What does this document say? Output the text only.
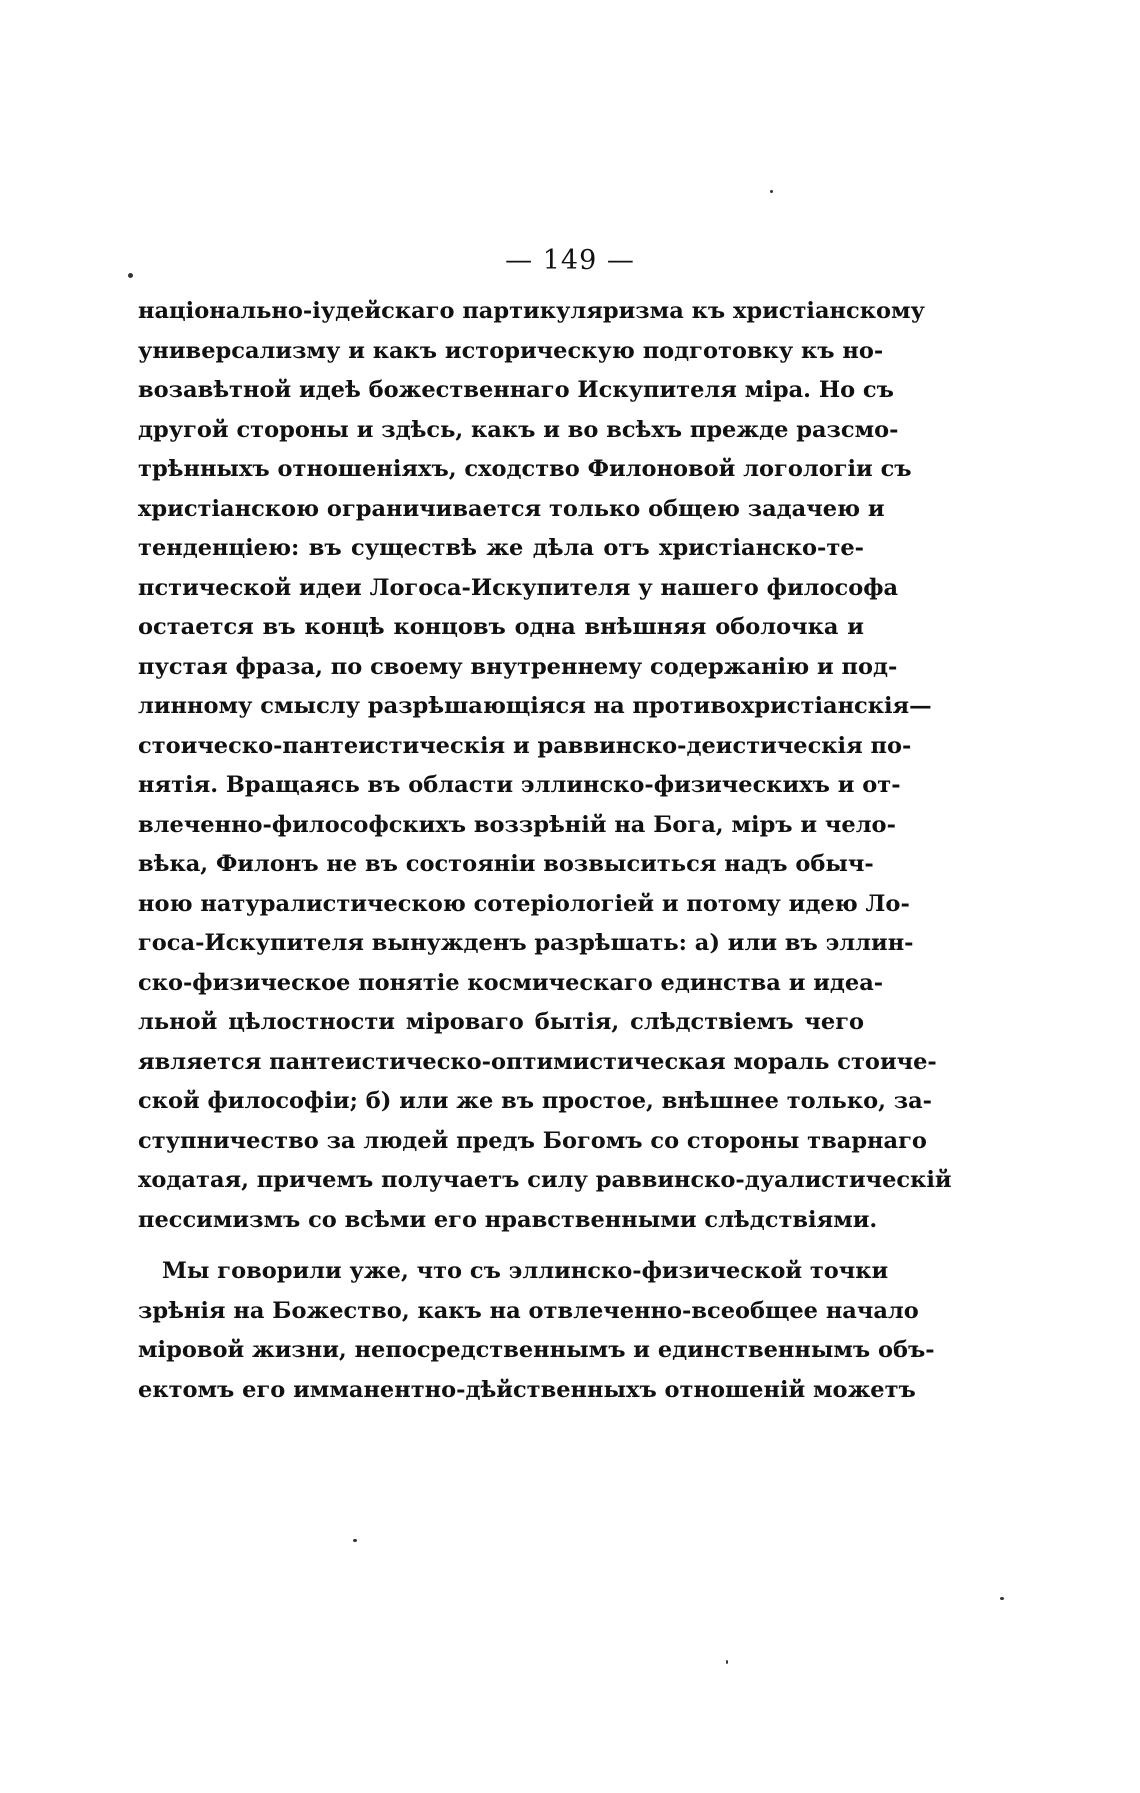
— 149 —
національно-іудейскаго партикуляризма къ христіанскому
универсализму и какъ историческую подготовку къ но-
возавѣтной идеѣ божественнаго Искупителя міра. Но съ
другой стороны и здѣсь, какъ и во всѣхъ прежде разсмо-
трѣнныхъ отношеніяхъ, сходство Филоновой логологіи съ
христіанскою ограничивается только общею задачею и
тенденціею: въ существѣ же дѣла отъ христіанско-те-
пстической идеи Логоса-Искупителя у нашего философа
остается въ концѣ концовъ одна внѣшняя оболочка и
пустая фраза, по своему внутреннему содержанію и под-
линному смыслу разрѣшающіяся на противохристіанскія—
стоическо-пантеистическія и раввинско-деистическія по-
нятія. Вращаясь въ области эллинско-физическихъ и от-
влеченно-философскихъ воззрѣній на Бога, міръ и чело-
вѣка, Филонъ не въ состояніи возвыситься надъ обыч-
ною натуралистическою сотеріологіей и потому идею Ло-
госа-Искупителя вынужденъ разрѣшать: а) или въ эллин-
ско-физическое понятіе космическаго единства и идеа-
льной цѣлостности міроваго бытія, слѣдствіемъ чего
является пантеистическо-оптимистическая мораль стоиче-
ской философіи; б) или же въ простое, внѣшнее только, за-
ступничество за людей предъ Богомъ со стороны тварнаго
ходатая, причемъ получаетъ силу раввинско-дуалистическій
пессимизмъ со всѣми его нравственными слѣдствіями.
Мы говорили уже, что съ эллинско-физической точки
зрѣнія на Божество, какъ на отвлеченно-всеобщее начало
міровой жизни, непосредственнымъ и единственнымъ объ-
ектомъ его имманентно-дѣйственныхъ отношеній можетъ
